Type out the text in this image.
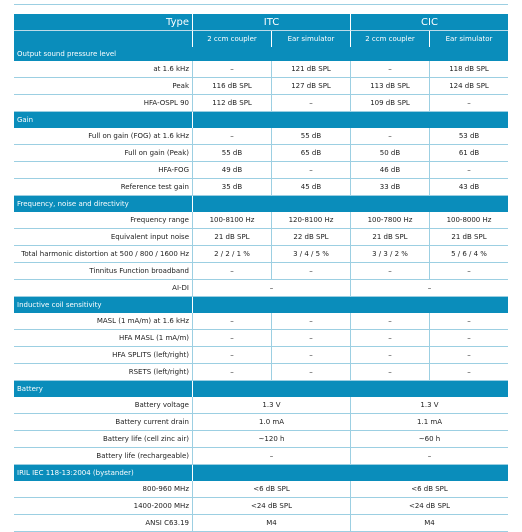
Type	ITC		CIC	
	2 ccm coupler	Ear simulator	2 ccm coupler	Ear simulator
Output sound pressure level				
at 1.6 kHz	–	121 dB SPL	–	118 dB SPL
Peak	116 dB SPL	127 dB SPL	113 dB SPL	124 dB SPL
HFA-OSPL 90	112 dB SPL	–	109 dB SPL	–
Gain				
Full on gain (FOG) at 1.6 kHz	–	55 dB	–	53 dB
Full on gain (Peak)	55 dB	65 dB	50 dB	61 dB
HFA-FOG	49 dB	–	46 dB	–
Reference test gain	35 dB	45 dB	33 dB	43 dB
Frequency, noise and directivity				
Frequency range	100-8100 Hz	120-8100 Hz	100-7800 Hz	100-8000 Hz
Equivalent input noise	21 dB SPL	22 dB SPL	21 dB SPL	21 dB SPL
Total harmonic distortion at 500 / 800 / 1600 Hz	2 / 2 / 1 %	3 / 4 / 5 %	3 / 3 / 2 %	5 / 6 / 4 %
Tinnitus Function broadband	–	–	–	–
AI-DI	–		–	
Inductive coil sensitivity				
MASL (1 mA/m) at 1.6 kHz	–	–	–	–
HFA MASL (1 mA/m)	–	–	–	–
HFA SPLITS (left/right)	–	–	–	–
RSETS (left/right)	–	–	–	–
Battery				
Battery voltage	1.3 V		1.3 V	
Battery current drain	1.0 mA		1.1 mA	
Battery life (cell zinc air)	~120 h		~60 h	
Battery life (rechargeable)	–		–	
IRIL IEC 118-13:2004 (bystander)				
800-960 MHz	<6 dB SPL		<6 dB SPL	
1400-2000 MHz	<24 dB SPL		<24 dB SPL	
ANSI C63.19	M4		M4	
